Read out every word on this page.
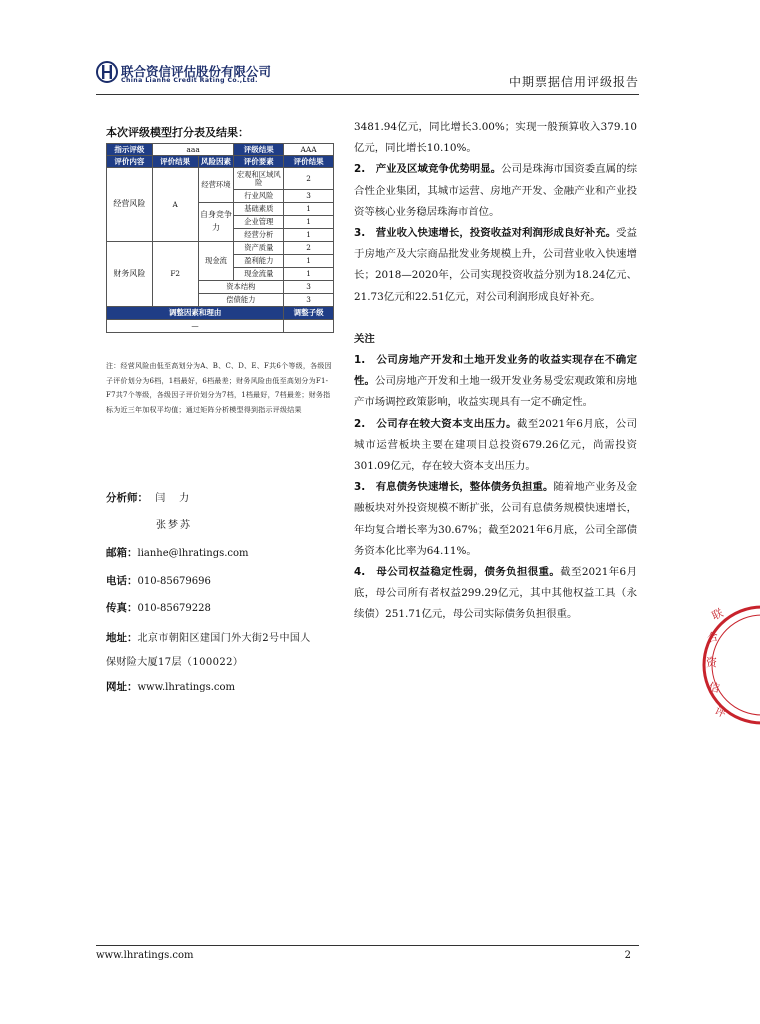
联合资信评估股份有限公司
China Lianhe Credit Rating Co.,Ltd.	中期票据信用评级报告
本次评级模型打分表及结果：
指示评级	aaa		评级结果	AAA
评价内容	评价结果	风险因素	评价要素	评价结果
经营风险	A	经营环境	宏观和区域风险	2
			行业风险	3
		自身竞争力	基础素质	1
			企业管理	1
			经营分析	1
财务风险	F2	现金流	资产质量	2
			盈利能力	1
			现金流量	1
		资本结构		3
		偿债能力		3
调整因素和理由				调整子级
—				
注：经营风险由低至高划分为A、B、C、D、E、F共6个等级，各级因子评价划分为6档，1档最好，6档最差；财务风险由低至高划分为F1-F7共7个等级，各级因子评价划分为7档，1档最好，7档最差；财务指标为近三年加权平均值；通过矩阵分析模型得到指示评级结果
分析师： 闫　力
张梦苏
邮箱：lianhe@lhratings.com
电话：010-85679696
传真：010-85679228
地址：北京市朝阳区建国门外大街2号中国人
保财险大厦17层（100022）
网址：www.lhratings.com

3481.94亿元，同比增长3.00%；实现一般预算收入379.10亿元，同比增长10.10%。

2.　产业及区域竞争优势明显。公司是珠海市国资委直属的综合性企业集团，其城市运营、房地产开发、金融产业和产业投资等核心业务稳居珠海市首位。

3.　营业收入快速增长，投资收益对利润形成良好补充。受益于房地产及大宗商品批发业务规模上升，公司营业收入快速增长；2018—2020年，公司实现投资收益分别为18.24亿元、21.73亿元和22.51亿元，对公司利润形成良好补充。

关注

1.　公司房地产开发和土地开发业务的收益实现存在不确定性。公司房地产开发和土地一级开发业务易受宏观政策和房地产市场调控政策影响，收益实现具有一定不确定性。

2.　公司存在较大资本支出压力。截至2021年6月底，公司城市运营板块主要在建项目总投资679.26亿元，尚需投资301.09亿元，存在较大资本支出压力。

3.　有息债务快速增长，整体债务负担重。随着地产业务及金融板块对外投资规模不断扩张，公司有息债务规模快速增长，年均复合增长率为30.67%；截至2021年6月底，公司全部债务资本化比率为64.11%。

4.　母公司权益稳定性弱，债务负担很重。截至2021年6月底，母公司所有者权益299.29亿元，其中其他权益工具（永续债）251.71亿元，母公司实际债务负担很重。	联
合
资
信
评
www.lhratings.com	2
